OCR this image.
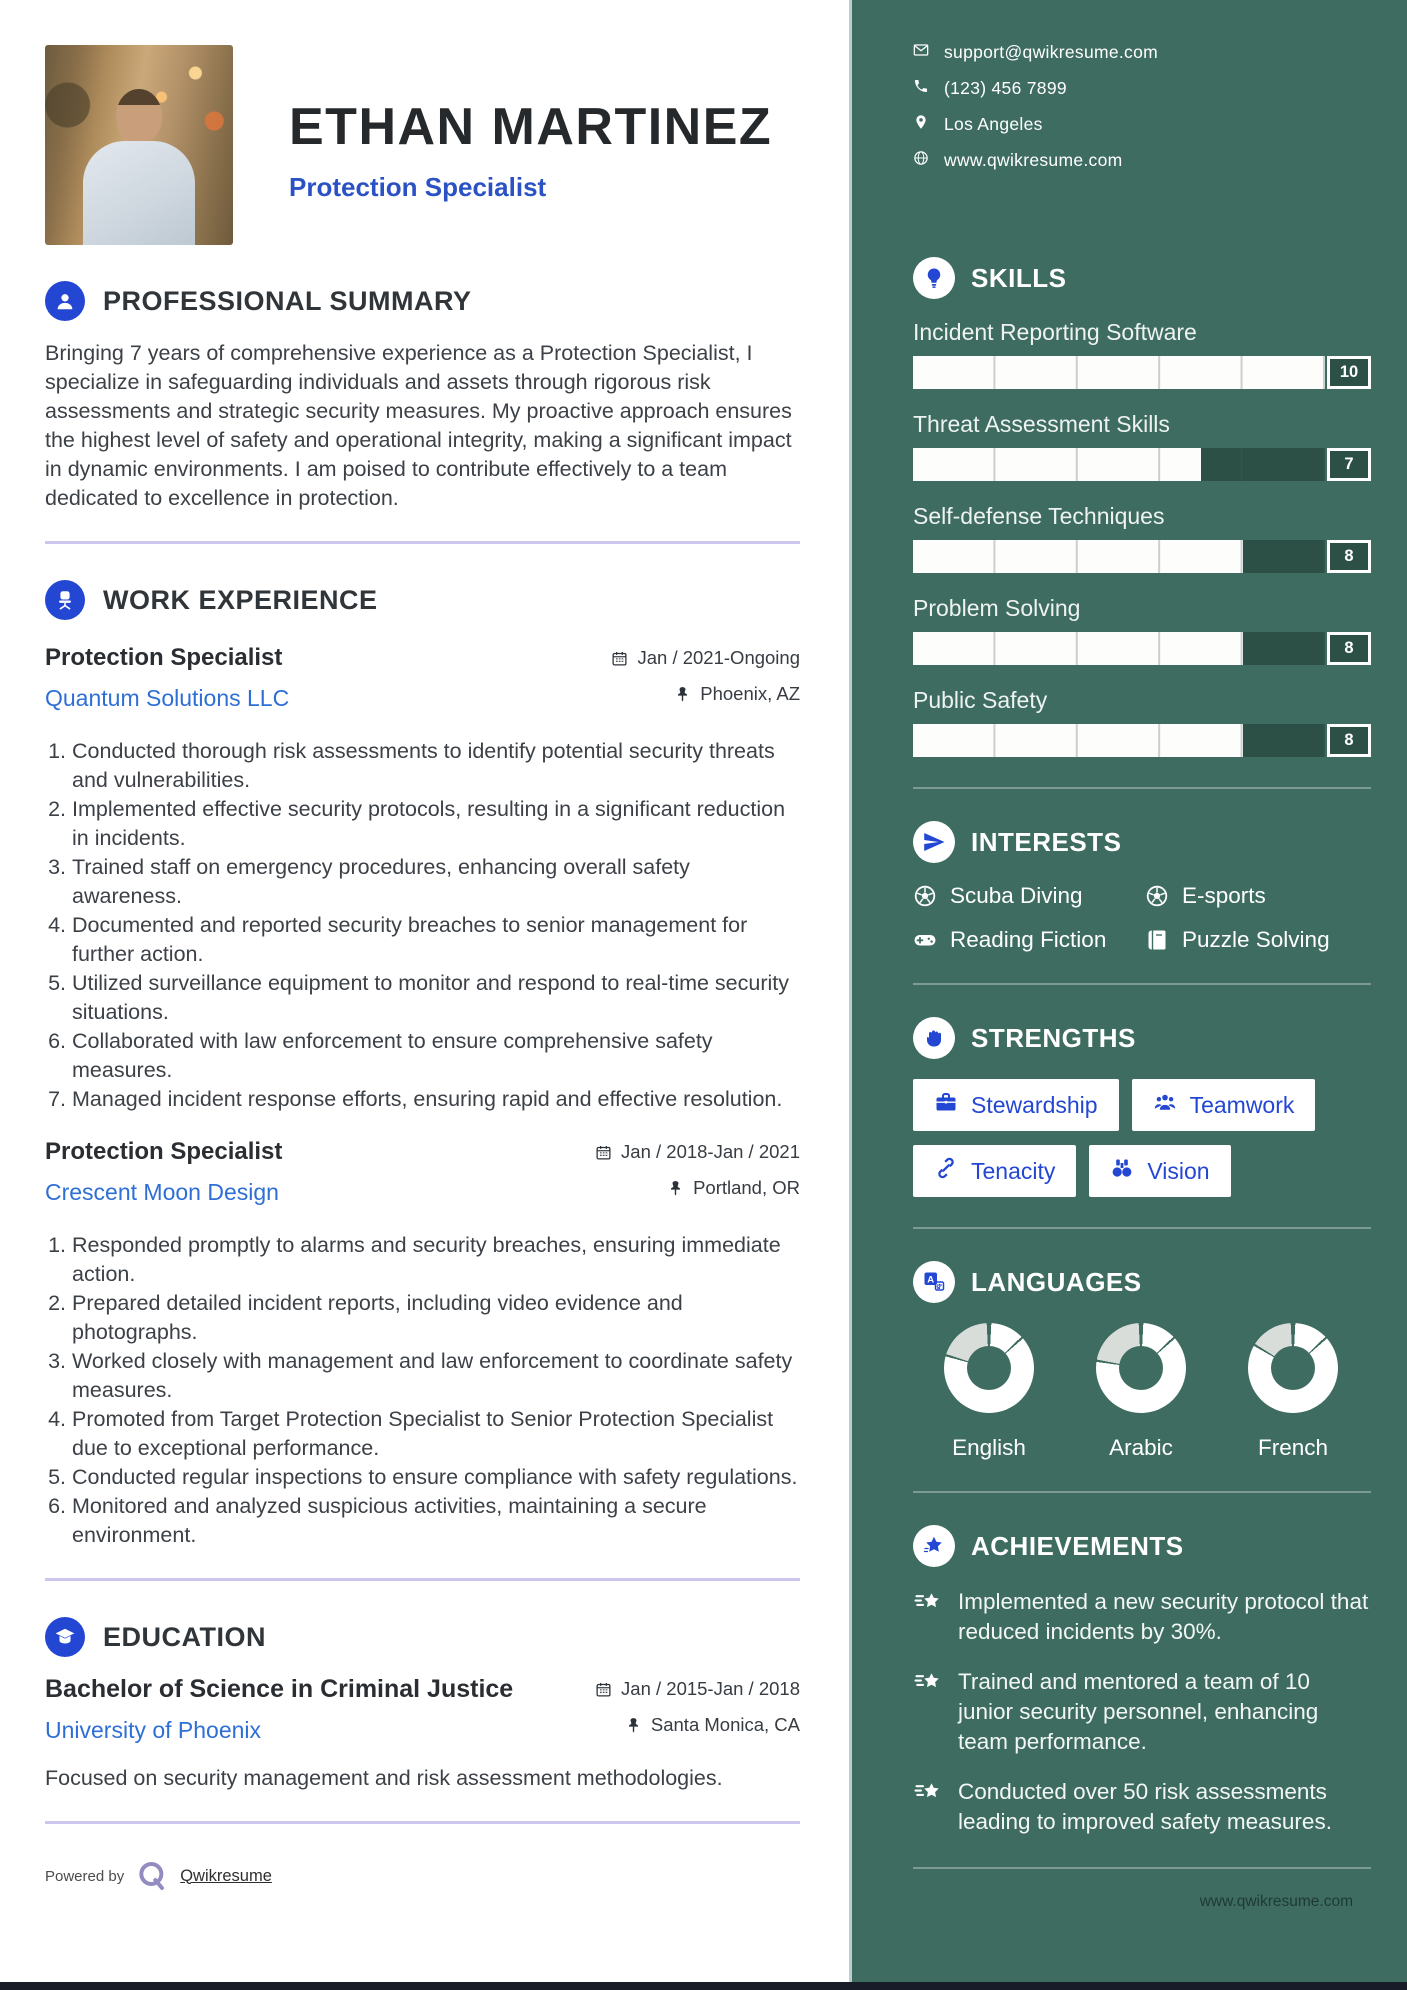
ETHAN MARTINEZ
Protection Specialist
PROFESSIONAL SUMMARY

Bringing 7 years of comprehensive experience as a Protection Specialist, I specialize in safeguarding individuals and assets through rigorous risk assessments and strategic security measures. My proactive approach ensures the highest level of safety and operational integrity, making a significant impact in dynamic environments. I am poised to contribute effectively to a team dedicated to excellence in protection.

WORK EXPERIENCE
Protection Specialist
Quantum Solutions LLC
Jan / 2021-Ongoing
Phoenix, AZ
1. Conducted thorough risk assessments to identify potential security threats and vulnerabilities.
2. Implemented effective security protocols, resulting in a significant reduction in incidents.
3. Trained staff on emergency procedures, enhancing overall safety awareness.
4. Documented and reported security breaches to senior management for further action.
5. Utilized surveillance equipment to monitor and respond to real-time security situations.
6. Collaborated with law enforcement to ensure comprehensive safety measures.
7. Managed incident response efforts, ensuring rapid and effective resolution.
Protection Specialist
Crescent Moon Design
Jan / 2018-Jan / 2021
Portland, OR
1. Responded promptly to alarms and security breaches, ensuring immediate action.
2. Prepared detailed incident reports, including video evidence and photographs.
3. Worked closely with management and law enforcement to coordinate safety measures.
4. Promoted from Target Protection Specialist to Senior Protection Specialist due to exceptional performance.
5. Conducted regular inspections to ensure compliance with safety regulations.
6. Monitored and analyzed suspicious activities, maintaining a secure environment.
EDUCATION
Bachelor of Science in Criminal Justice
University of Phoenix
Jan / 2015-Jan / 2018
Santa Monica, CA

Focused on security management and risk assessment methodologies.

Powered by	Qwikresume
support@qwikresume.com
(123) 456 7899
Los Angeles
www.qwikresume.com
SKILLS
Incident Reporting Software
10
Threat Assessment Skills
7
Self-defense Techniques
8
Problem Solving
8
Public Safety
8
INTERESTS
Scuba Diving	E-sports
Reading Fiction	Puzzle Solving
STRENGTHS
Stewardship	Teamwork
Tenacity	Vision
A LANGUAGES
English	Arabic	French
ACHIEVEMENTS
Implemented a new security protocol that reduced incidents by 30%.
Trained and mentored a team of 10 junior security personnel, enhancing team performance.
Conducted over 50 risk assessments leading to improved safety measures.
www.qwikresume.com
